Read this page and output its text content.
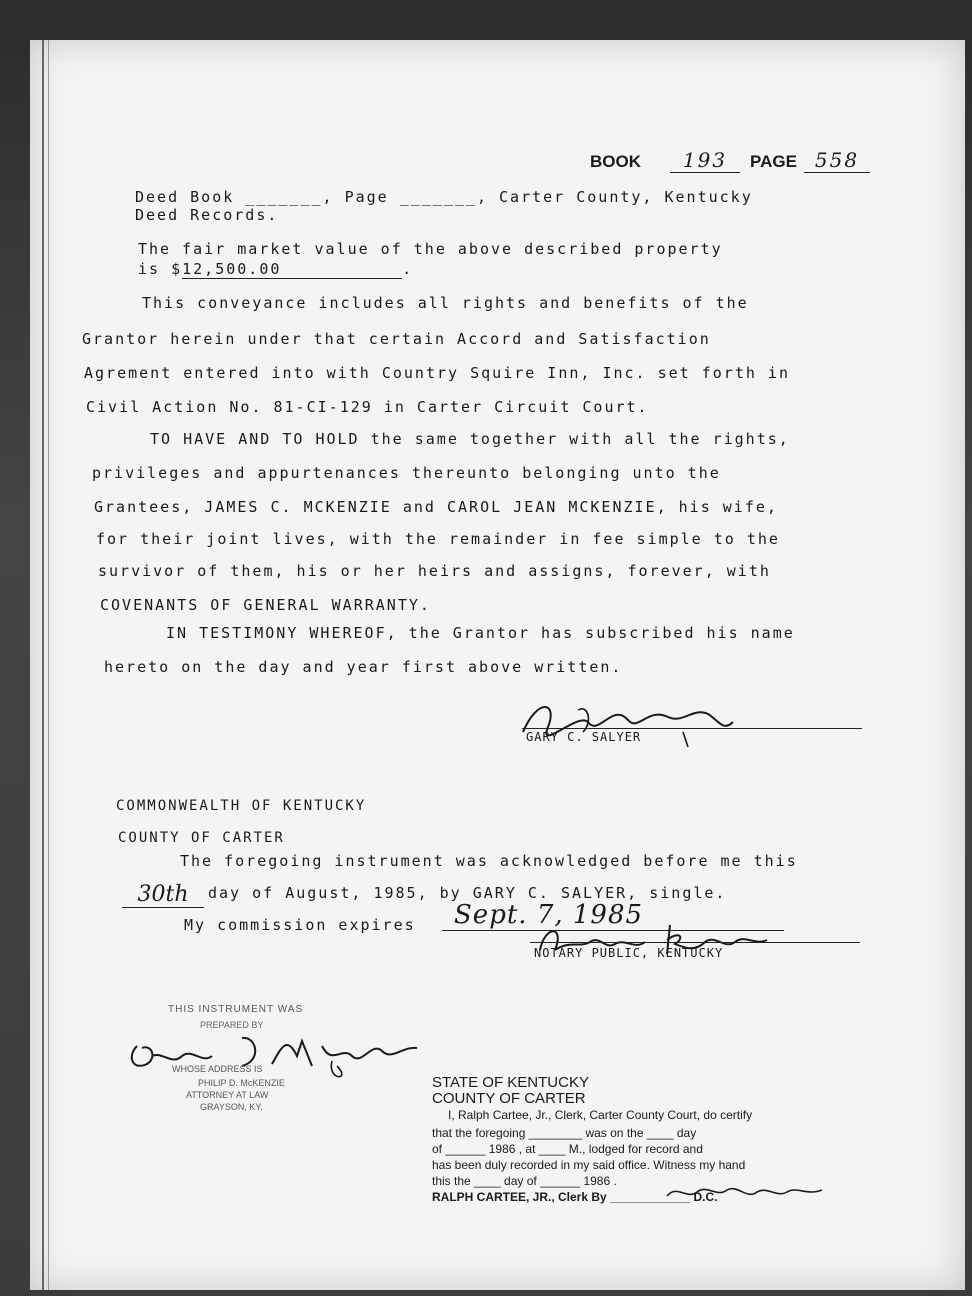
BOOK	193	PAGE 558
Deed Book _______, Page _______, Carter County, Kentucky
Deed Records.
The fair market value of the above described property
is $12,500.00	.
This conveyance includes all rights and benefits of the
Grantor herein under that certain Accord and Satisfaction
Agrement entered into with Country Squire Inn, Inc. set forth in
Civil Action No. 81-CI-129 in Carter Circuit Court.
TO HAVE AND TO HOLD the same together with all the rights,
privileges and appurtenances thereunto belonging unto the
Grantees, JAMES C. MCKENZIE and CAROL JEAN MCKENZIE, his wife,
for their joint lives, with the remainder in fee simple to the
survivor of them, his or her heirs and assigns, forever, with
COVENANTS OF GENERAL WARRANTY.
IN TESTIMONY WHEREOF, the Grantor has subscribed his name
hereto on the day and year first above written.
GARY C. SALYER
COMMONWEALTH OF KENTUCKY
COUNTY OF CARTER
The foregoing instrument was acknowledged before me this
30th	day of August, 1985, by GARY C. SALYER, single.
My commission expires	Sept. 7, 1985
NOTARY PUBLIC, KENTUCKY
THIS INSTRUMENT WAS
PREPARED BY
WHOSE ADDRESS IS
PHILIP D. McKENZIE
ATTORNEY AT LAW
GRAYSON, KY.
STATE OF KENTUCKY
COUNTY OF CARTER
I, Ralph Cartee, Jr., Clerk, Carter County Court, do certify
that the foregoing ________ was on the ____ day
of ______ 1986 , at ____ M., lodged for record and
has been duly recorded in my said office. Witness my hand
this the ____ day of ______ 1986 .
RALPH CARTEE, JR., Clerk By ____________ D.C.
